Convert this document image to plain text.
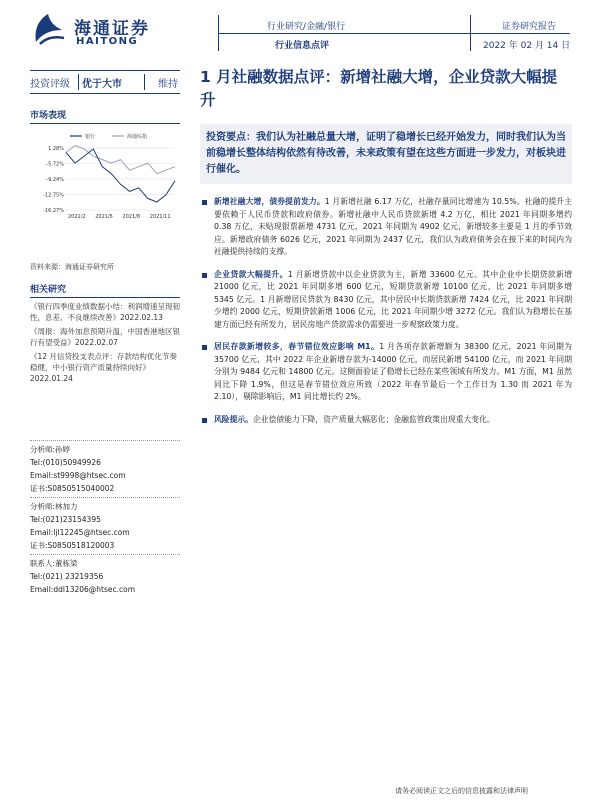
海通证券
HAITONG
行业研究/金融/银行
行业信息点评
证券研究报告
2022 年 02 月 14 日
投资评级 优于大市	维持
市场表现
银行	海通综指
1.28%
-5.72%
-9.24%
-12.75%
-16.27%
2021/2 2021/5 2021/8 2021/11
资料来源：海通证券研究所
相关研究
《银行四季度业绩数据小结：利润增速呈现韧性，息差、不良继续改善》2022.02.13
《周报：海外加息预期升温，中国香港地区银行有望受益》2022.02.07
《12 月信贷投支表点评：存款结构优化节奏稳健，中小银行资产质量持续向好》2022.01.24
分析师:孙婷
Tel:(010)50949926
Email:st9998@htsec.com
证书:S0850515040002
分析师:林加力
Tel:(021)23154395
Email:ljl12245@htsec.com
证书:S0850518120003
联系人:董栋梁
Tel:(021) 23219356
Email:ddl13206@htsec.com
1 月社融数据点评：新增社融大增，企业贷款大幅提升
投资要点：我们认为社融总量大增，证明了稳增长已经开始发力，同时我们认为当前稳增长整体结构依然有待改善，未来政策有望在这些方面进一步发力，对板块进行催化。
新增社融大增，债券提前发力。1 月新增社融 6.17 万亿，社融存量同比增速为 10.5%。社融的提升主要依赖于人民币贷款和政府债券。新增社融中人民币贷款新增 4.2 万亿，相比 2021 年同期多增约 0.38 万亿，未贴现银票新增 4731 亿元，2021 年同期为 4902 亿元，新增较多主要是 1 月的季节效应。新增政府债务 6026 亿元，2021 年同期为 2437 亿元，我们认为政府债务会在接下来的时间内为社融提供持续的支撑。
企业贷款大幅提升。1 月新增贷款中以企业贷款为主，新增 33600 亿元。其中企业中长期贷款新增 21000 亿元，比 2021 年同期多增 600 亿元，短期贷款新增 10100 亿元，比 2021 年同期多增 5345 亿元。1 月新增居民贷款为 8430 亿元，其中居民中长期贷款新增 7424 亿元，比 2021 年同期少增约 2000 亿元，短期贷款新增 1006 亿元，比 2021 年同期少增 3272 亿元。我们认为稳增长在基建方面已经有所发力，居民房地产贷款需求仍需要进一步观察政策力度。
居民存款新增较多，春节错位效应影响 M1。1 月各项存款新增额为 38300 亿元，2021 年同期为 35700 亿元，其中 2022 年企业新增存款为-14000 亿元，而居民新增 54100 亿元，而 2021 年同期分别为 9484 亿元和 14800 亿元。这侧面验证了稳增长已经在某些领域有所发力。M1 方面，M1 虽然同比下降 1.9%，但这是春节错位效应所致（2022 年春节最后一个工作日为 1.30 而 2021 年为 2.10），剔除影响后，M1 同比增长约 2%。
风险提示。企业偿债能力下降，资产质量大幅恶化；金融监管政策出现重大变化。
请务必阅读正文之后的信息披露和法律声明
